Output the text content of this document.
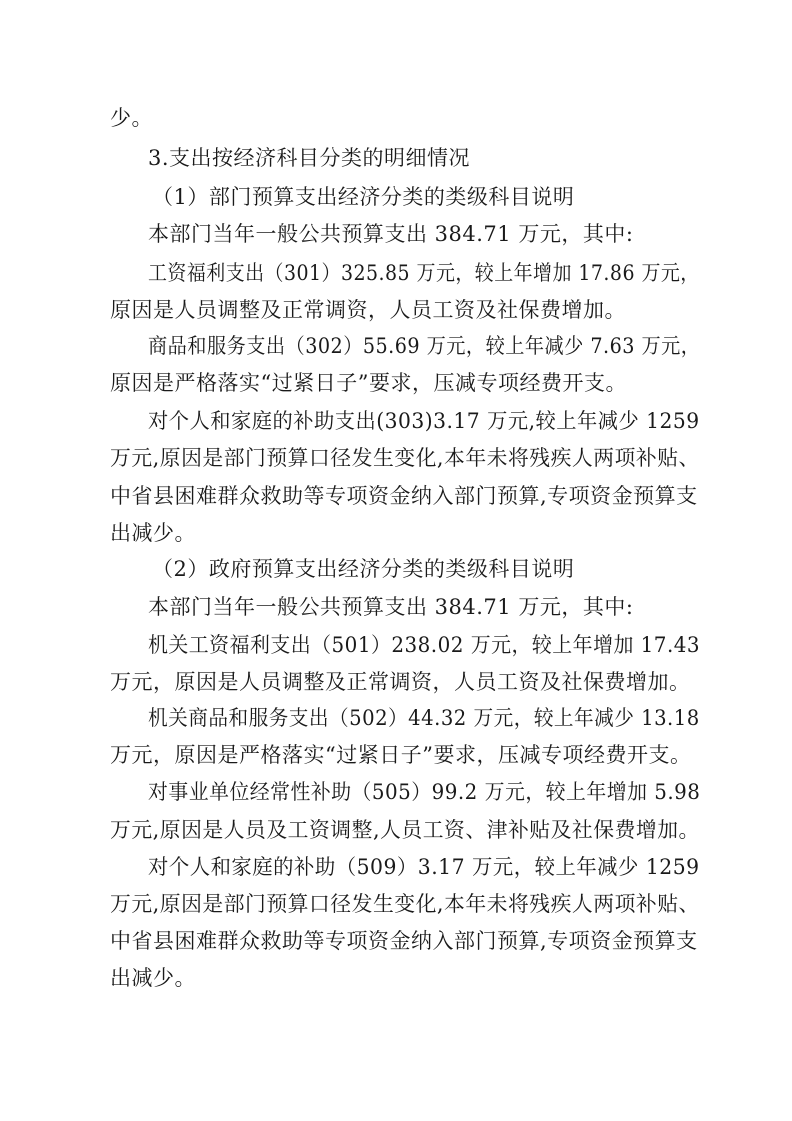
少。
3.支出按经济科目分类的明细情况
（1）部门预算支出经济分类的类级科目说明
本部门当年一般公共预算支出 384.71 万元，其中:
工资福利支出（301）325.85 万元，较上年增加 17.86 万元，
原因是人员调整及正常调资，人员工资及社保费增加。
商品和服务支出（302）55.69 万元，较上年减少 7.63 万元，
原因是严格落实“过紧日子”要求，压减专项经费开支。
对个人和家庭的补助支出(303)3.17 万元,较上年减少 1259
万元,原因是部门预算口径发生变化,本年未将残疾人两项补贴、
中省县困难群众救助等专项资金纳入部门预算,专项资金预算支
出减少。
（2）政府预算支出经济分类的类级科目说明
本部门当年一般公共预算支出 384.71 万元，其中:
机关工资福利支出（501）238.02 万元，较上年增加 17.43
万元，原因是人员调整及正常调资，人员工资及社保费增加。
机关商品和服务支出（502）44.32 万元，较上年减少 13.18
万元，原因是严格落实“过紧日子”要求，压减专项经费开支。
对事业单位经常性补助（505）99.2 万元，较上年增加 5.98
万元,原因是人员及工资调整,人员工资、津补贴及社保费增加。
对个人和家庭的补助（509）3.17 万元，较上年减少 1259
万元,原因是部门预算口径发生变化,本年未将残疾人两项补贴、
中省县困难群众救助等专项资金纳入部门预算,专项资金预算支
出减少。
